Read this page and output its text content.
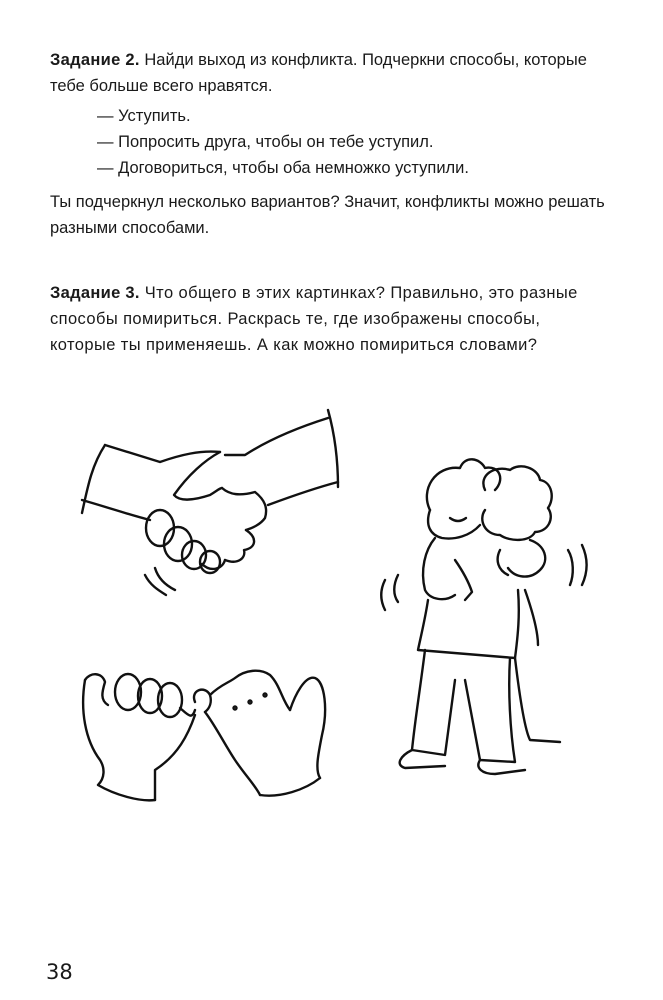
Задание 2. Найди выход из конфликта. Подчеркни способы, которые тебе больше всего нравятся.
— Уступить.
— Попросить друга, чтобы он тебе уступил.
— Договориться, чтобы оба немножко уступили.
Ты подчеркнул несколько вариантов? Значит, конфликты можно решать разными способами.
Задание 3. Что общего в этих картинках? Правильно, это разные способы помириться. Раскрась те, где изображены способы, которые ты применяешь. А как можно помириться словами?
38
